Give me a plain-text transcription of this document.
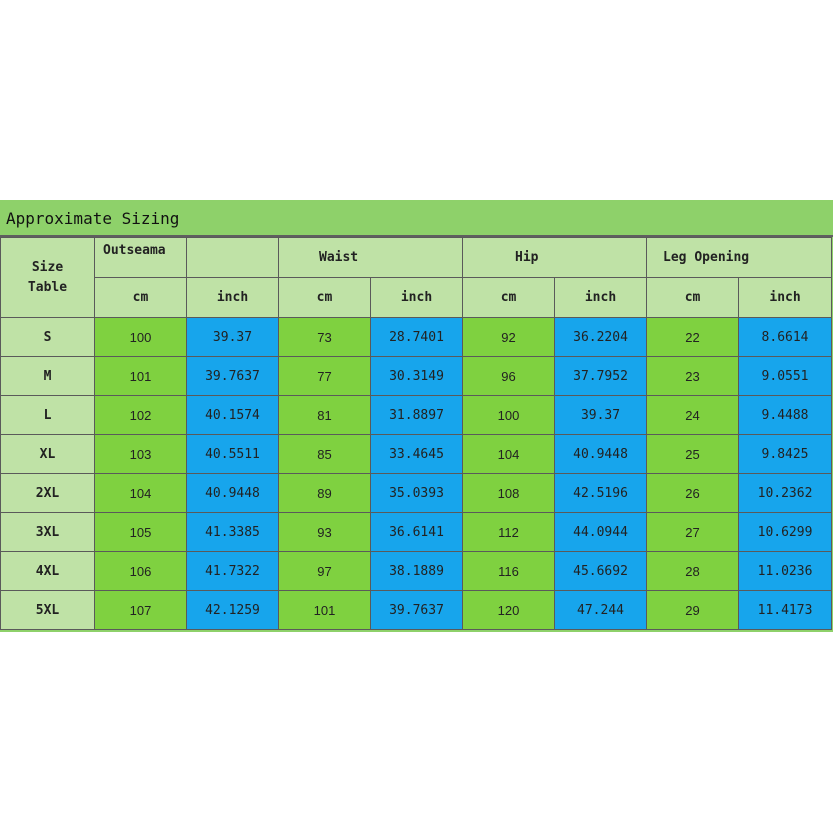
Approximate Sizing
Size Table	Outseama		Waist		Hip		Leg Opening	
	cm	inch	cm	inch	cm	inch	cm	inch
S	100	39.37	73	28.7401	92	36.2204	22	8.6614
M	101	39.7637	77	30.3149	96	37.7952	23	9.0551
L	102	40.1574	81	31.8897	100	39.37	24	9.4488
XL	103	40.5511	85	33.4645	104	40.9448	25	9.8425
2XL	104	40.9448	89	35.0393	108	42.5196	26	10.2362
3XL	105	41.3385	93	36.6141	112	44.0944	27	10.6299
4XL	106	41.7322	97	38.1889	116	45.6692	28	11.0236
5XL	107	42.1259	101	39.7637	120	47.244	29	11.4173
